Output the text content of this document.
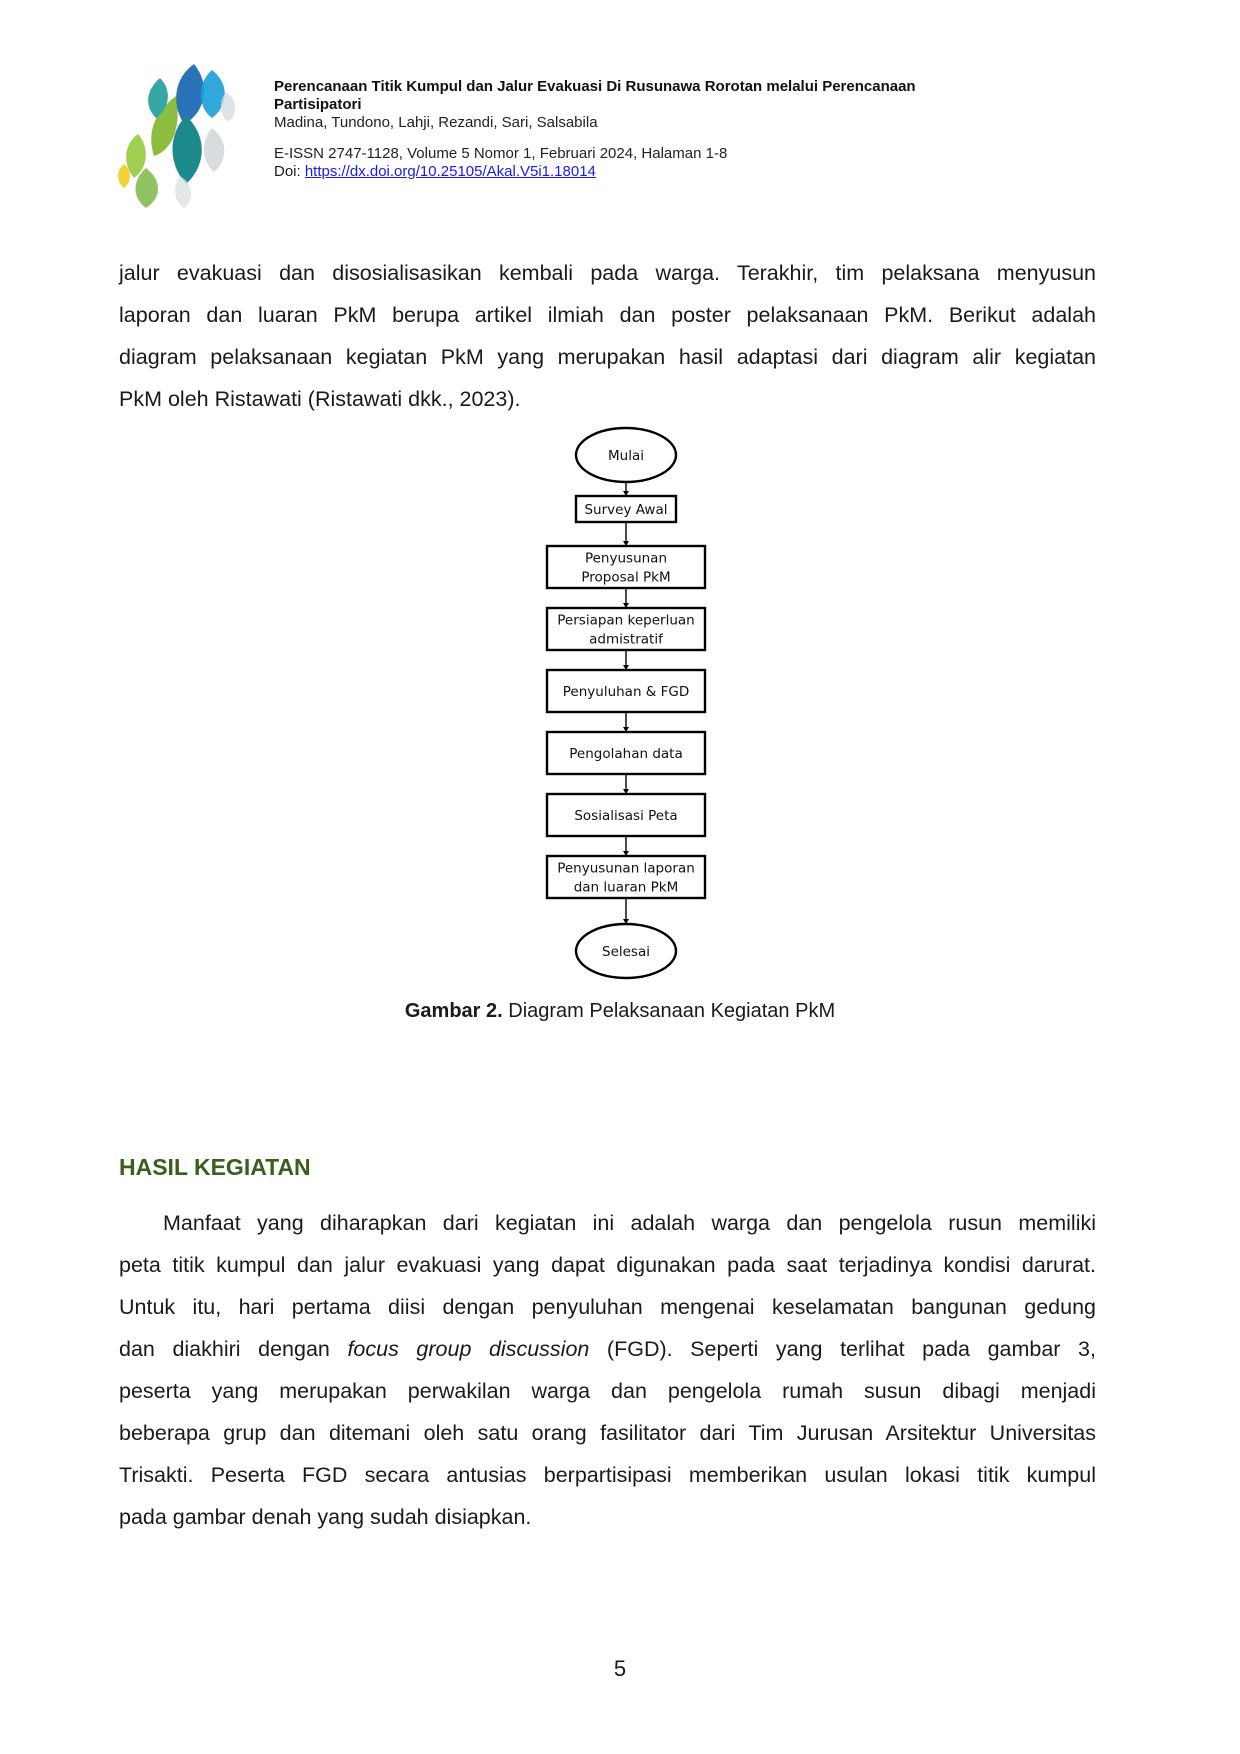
Perencanaan Titik Kumpul dan Jalur Evakuasi Di Rusunawa Rorotan melalui Perencanaan
Partisipatori
Madina, Tundono, Lahji, Rezandi, Sari, Salsabila
E-ISSN 2747-1128, Volume 5 Nomor 1, Februari 2024, Halaman 1-8
Doi: https://dx.doi.org/10.25105/Akal.V5i1.18014
jalur evakuasi dan disosialisasikan kembali pada warga. Terakhir, tim pelaksana menyusun
laporan dan luaran PkM berupa artikel ilmiah dan poster pelaksanaan PkM. Berikut adalah
diagram pelaksanaan kegiatan PkM yang merupakan hasil adaptasi dari diagram alir kegiatan
PkM oleh Ristawati (Ristawati dkk., 2023).
Mulai
Survey Awal
Penyusunan
Proposal PkM
Persiapan keperluan
admistratif
Penyuluhan & FGD
Pengolahan data
Sosialisasi Peta
Penyusunan laporan
dan luaran PkM
Selesai
Gambar 2. Diagram Pelaksanaan Kegiatan PkM
HASIL KEGIATAN
Manfaat yang diharapkan dari kegiatan ini adalah warga dan pengelola rusun memiliki
peta titik kumpul dan jalur evakuasi yang dapat digunakan pada saat terjadinya kondisi darurat.
Untuk itu, hari pertama diisi dengan penyuluhan mengenai keselamatan bangunan gedung
dan diakhiri dengan focus group discussion (FGD). Seperti yang terlihat pada gambar 3,
peserta yang merupakan perwakilan warga dan pengelola rumah susun dibagi menjadi
beberapa grup dan ditemani oleh satu orang fasilitator dari Tim Jurusan Arsitektur Universitas
Trisakti. Peserta FGD secara antusias berpartisipasi memberikan usulan lokasi titik kumpul
pada gambar denah yang sudah disiapkan.
5
